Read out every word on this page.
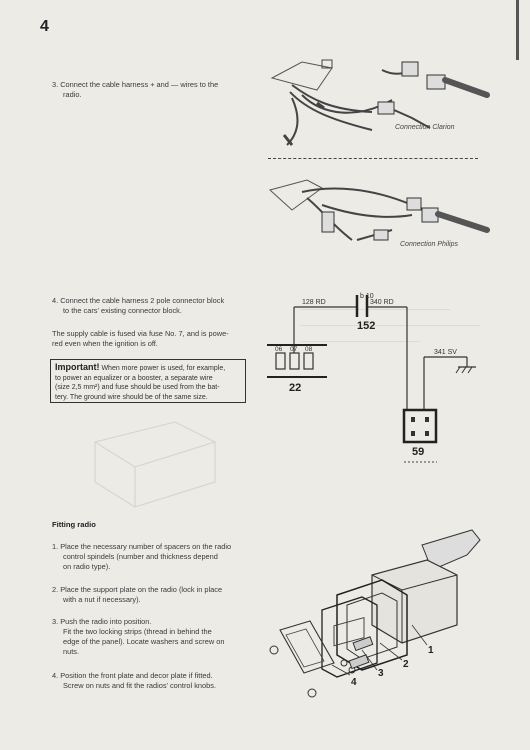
4
3. Connect the cable harness + and — wires to the
radio.
Connection Clarion
Connection Philips
4. Connect the cable harness 2 pole connector block
to the cars' existing connector block.
The supply cable is fused via fuse No. 7, and is powe-
red even when the ignition is off.

Important! When more power is used, for example,

to power an equalizer or a booster, a separate wire

(size 2,5 mm²) and fuse should be used from the bat-

tery. The ground wire should be of the same size.

b 10
152
128 RD	340 RD
06 07 08
22
341 SV
59
Fitting radio
1. Place the necessary number of spacers on the radio
control spindels (number and thickness depend
on radio type).
2. Place the support plate on the radio (lock in place
with a nut if necessary).
3. Push the radio into position.
Fit the two locking strips (thread in behind the
edge of the panel). Locate washers and screw on
nuts.
4. Position the front plate and decor plate if fitted.
Screw on nuts and fit the radios' control knobs.
1
2
3
4
